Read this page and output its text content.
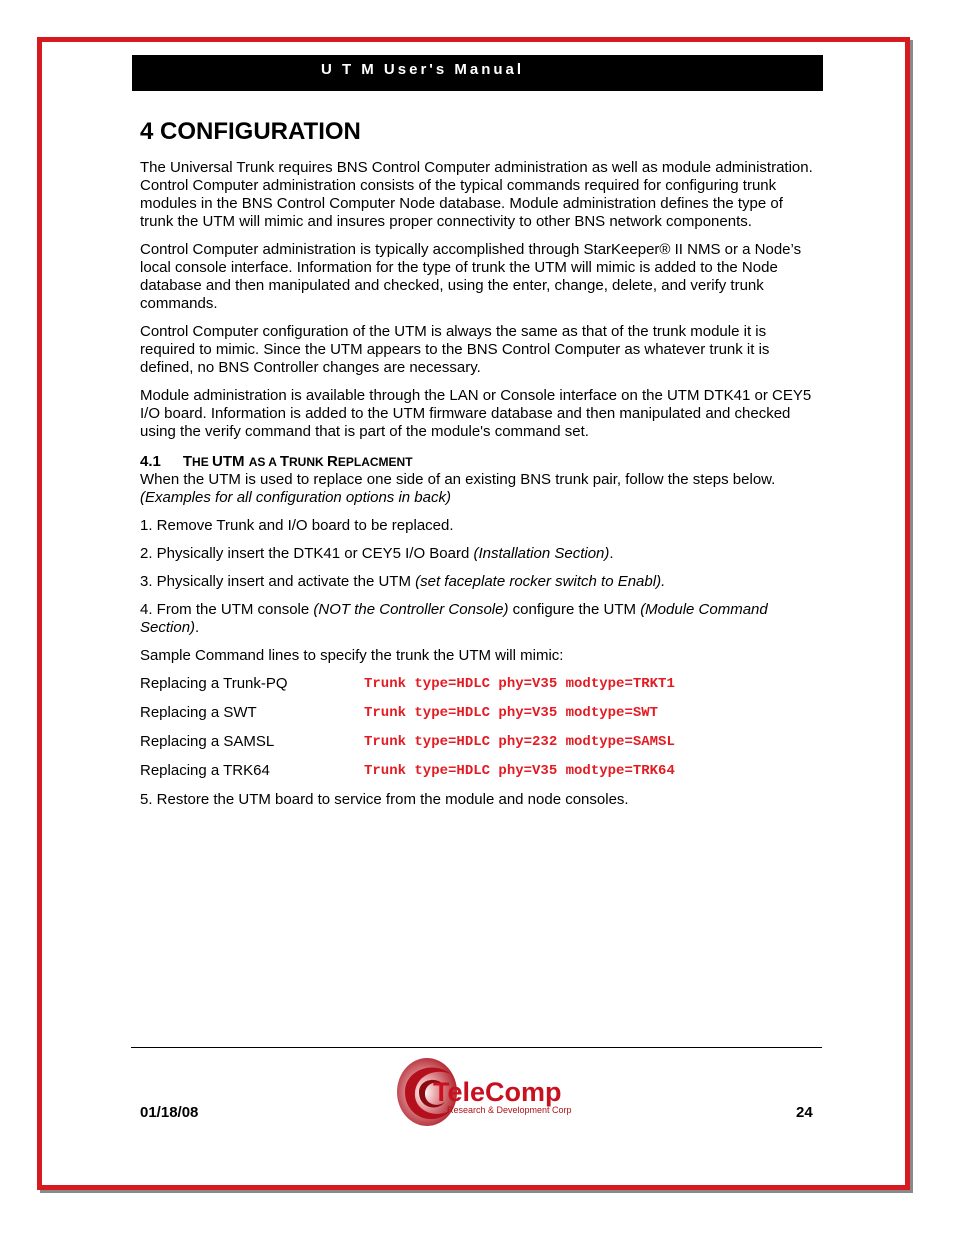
U T M User's Manual
4 CONFIGURATION

The Universal Trunk requires BNS Control Computer administration as well as module administration. Control Computer administration consists of the typical commands required for configuring trunk modules in the BNS Control Computer Node database. Module administration defines the type of trunk the UTM will mimic and insures proper connectivity to other BNS network components.

Control Computer administration is typically accomplished through StarKeeper® II NMS or a Node’s local console interface. Information for the type of trunk the UTM will mimic is added to the Node database and then manipulated and checked, using the enter, change, delete, and verify trunk commands.

Control Computer configuration of the UTM is always the same as that of the trunk module it is required to mimic. Since the UTM appears to the BNS Control Computer as whatever trunk it is defined, no BNS Controller changes are necessary.

Module administration is available through the LAN or Console interface on the UTM DTK41 or CEY5 I/O board. Information is added to the UTM firmware database and then manipulated and checked using the verify command that is part of the module's command set.

4.1 THE UTM AS A TRUNK REPLACMENT

When the UTM is used to replace one side of an existing BNS trunk pair, follow the steps below.
(Examples for all configuration options in back)

1. Remove Trunk and I/O board to be replaced.

2. Physically insert the DTK41 or CEY5 I/O Board (Installation Section).

3. Physically insert and activate the UTM (set faceplate rocker switch to Enabl).

4. From the UTM console (NOT the Controller Console) configure the UTM (Module Command Section).

Sample Command lines to specify the trunk the UTM will mimic:

Replacing a Trunk-PQ	Trunk type=HDLC phy=V35 modtype=TRKT1
Replacing a SWT	Trunk type=HDLC phy=V35 modtype=SWT
Replacing a SAMSL	Trunk type=HDLC phy=232 modtype=SAMSL
Replacing a TRK64	Trunk type=HDLC phy=V35 modtype=TRK64

5. Restore the UTM board to service from the module and node consoles.

01/18/08	24
TeleComp
Research & Development Corp
